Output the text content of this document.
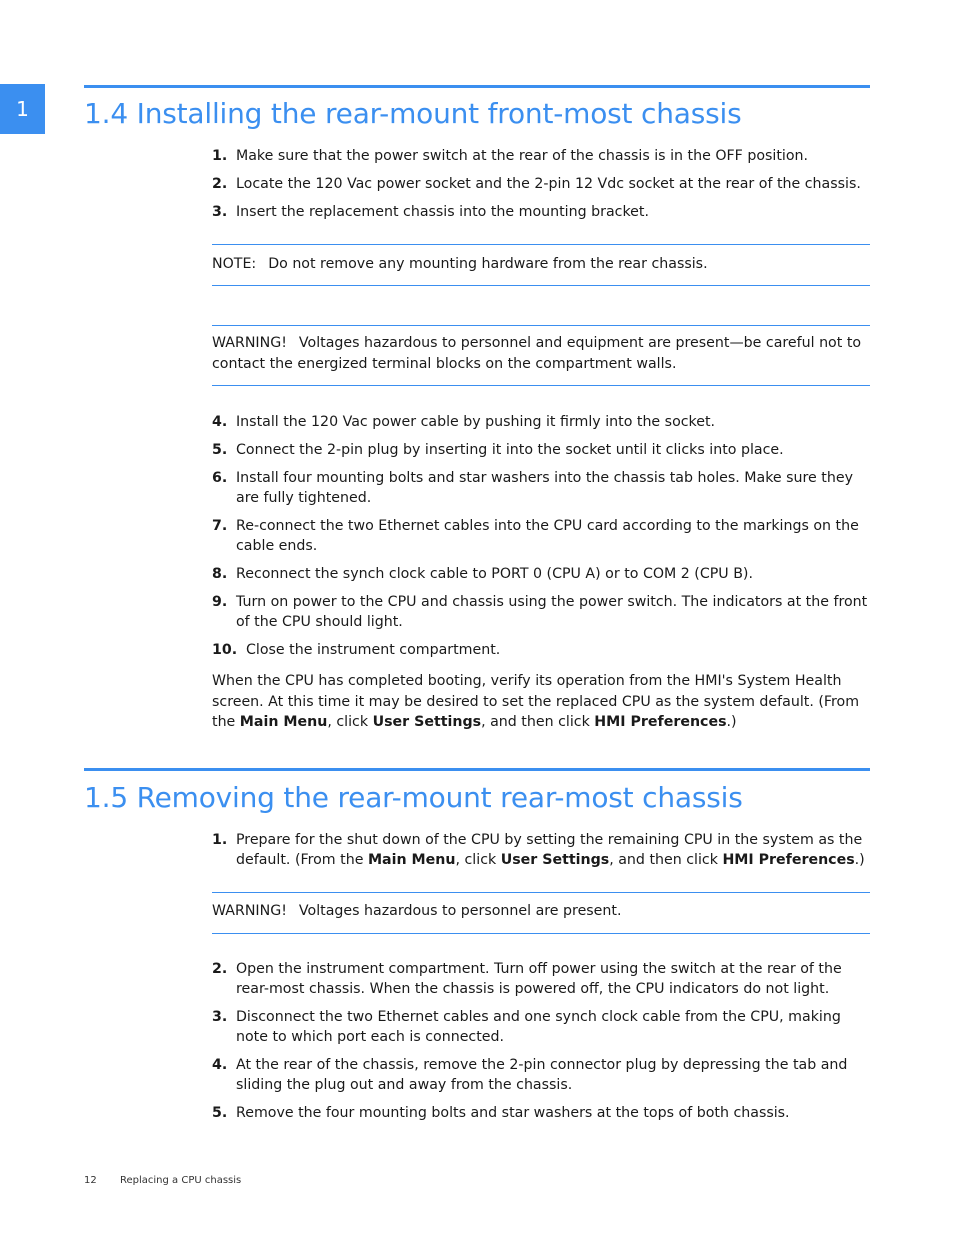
1	1.4 Installing the rear-mount front-most chassis
1. Make sure that the power switch at the rear of the chassis is in the OFF position.
2. Locate the 120 Vac power socket and the 2-pin 12 Vdc socket at the rear of the chassis.
3. Insert the replacement chassis into the mounting bracket.
NOTE: Do not remove any mounting hardware from the rear chassis.
WARNING! Voltages hazardous to personnel and equipment are present—be careful not to contact the energized terminal blocks on the compartment walls.
4. Install the 120 Vac power cable by pushing it firmly into the socket.
5. Connect the 2-pin plug by inserting it into the socket until it clicks into place.
6. Install four mounting bolts and star washers into the chassis tab holes. Make sure they are fully tightened.
7. Re-connect the two Ethernet cables into the CPU card according to the markings on the cable ends.
8. Reconnect the synch clock cable to PORT 0 (CPU A) or to COM 2 (CPU B).
9. Turn on power to the CPU and chassis using the power switch. The indicators at the front of the CPU should light.
10. Close the instrument compartment.

When the CPU has completed booting, verify its operation from the HMI's System Health screen. At this time it may be desired to set the replaced CPU as the system default. (From the Main Menu, click User Settings, and then click HMI Preferences.)

1.5 Removing the rear-mount rear-most chassis
1. Prepare for the shut down of the CPU by setting the remaining CPU in the system as the default. (From the Main Menu, click User Settings, and then click HMI Preferences.)
WARNING! Voltages hazardous to personnel are present.
2. Open the instrument compartment. Turn off power using the switch at the rear of the rear-most chassis. When the chassis is powered off, the CPU indicators do not light.
3. Disconnect the two Ethernet cables and one synch clock cable from the CPU, making note to which port each is connected.
4. At the rear of the chassis, remove the 2-pin connector plug by depressing the tab and sliding the plug out and away from the chassis.
5. Remove the four mounting bolts and star washers at the tops of both chassis.
12 Replacing a CPU chassis
